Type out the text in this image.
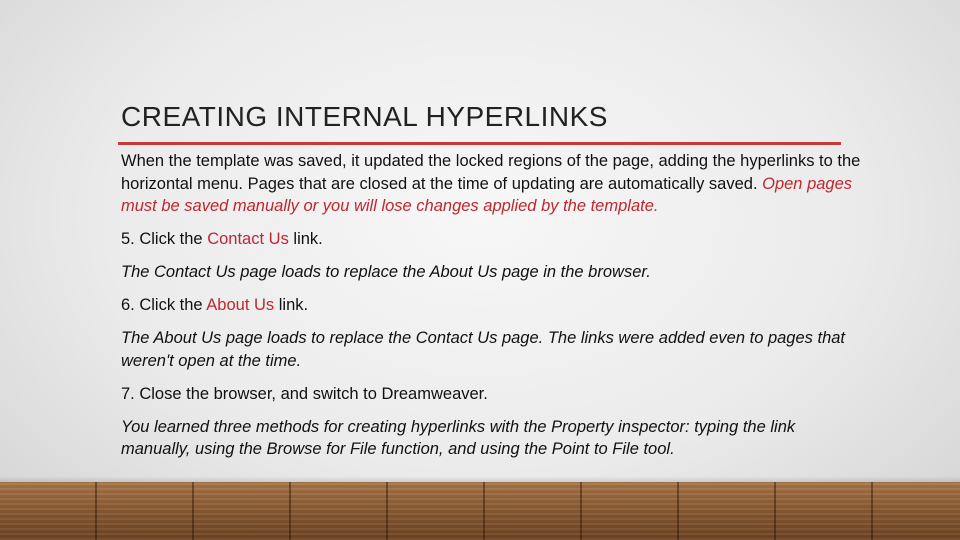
CREATING INTERNAL HYPERLINKS

When the template was saved, it updated the locked regions of the page, adding the hyperlinks to the horizontal menu. Pages that are closed at the time of updating are automatically saved. Open pages must be saved manually or you will lose changes applied by the template.

5. Click the Contact Us link.

The Contact Us page loads to replace the About Us page in the browser.

6. Click the About Us link.

The About Us page loads to replace the Contact Us page. The links were added even to pages that weren't open at the time.

7. Close the browser, and switch to Dreamweaver.

You learned three methods for creating hyperlinks with the Property inspector: typing the link manually, using the Browse for File function, and using the Point to File tool.
